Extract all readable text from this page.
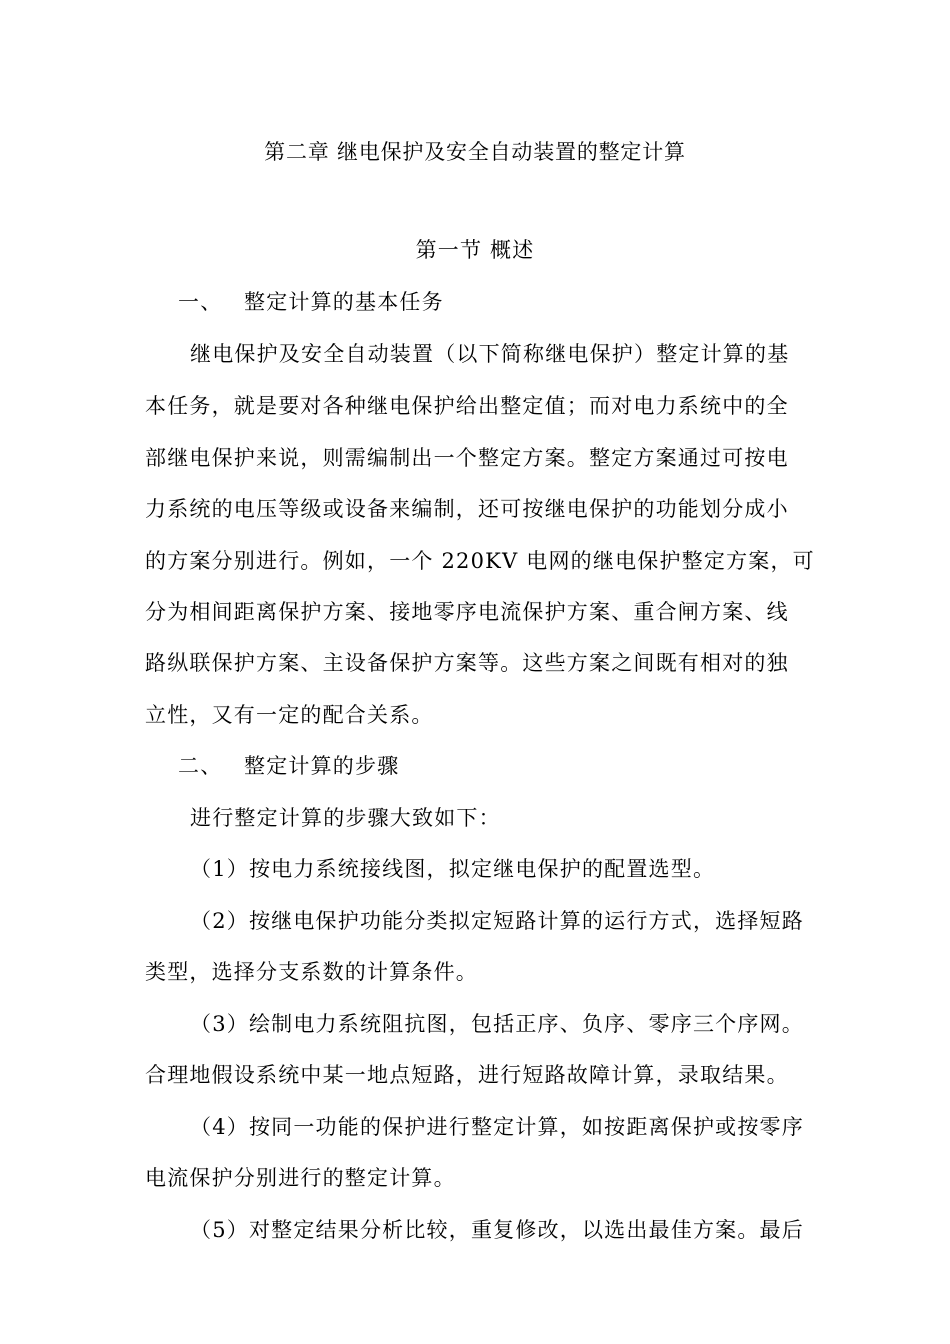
第二章 继电保护及安全自动装置的整定计算
第一节 概述
一、 整定计算的基本任务
继电保护及安全自动装置（以下简称继电保护）整定计算的基
本任务，就是要对各种继电保护给出整定值；而对电力系统中的全
部继电保护来说，则需编制出一个整定方案。整定方案通过可按电
力系统的电压等级或设备来编制，还可按继电保护的功能划分成小
的方案分别进行。例如，一个 220KV 电网的继电保护整定方案，可
分为相间距离保护方案、接地零序电流保护方案、重合闸方案、线
路纵联保护方案、主设备保护方案等。这些方案之间既有相对的独
立性，又有一定的配合关系。
二、 整定计算的步骤
进行整定计算的步骤大致如下：
（1）按电力系统接线图，拟定继电保护的配置选型。
（2）按继电保护功能分类拟定短路计算的运行方式，选择短路
类型，选择分支系数的计算条件。
（3）绘制电力系统阻抗图，包括正序、负序、零序三个序网。
合理地假设系统中某一地点短路，进行短路故障计算，录取结果。
（4）按同一功能的保护进行整定计算，如按距离保护或按零序
电流保护分别进行的整定计算。
（5）对整定结果分析比较，重复修改，以选出最佳方案。最后
